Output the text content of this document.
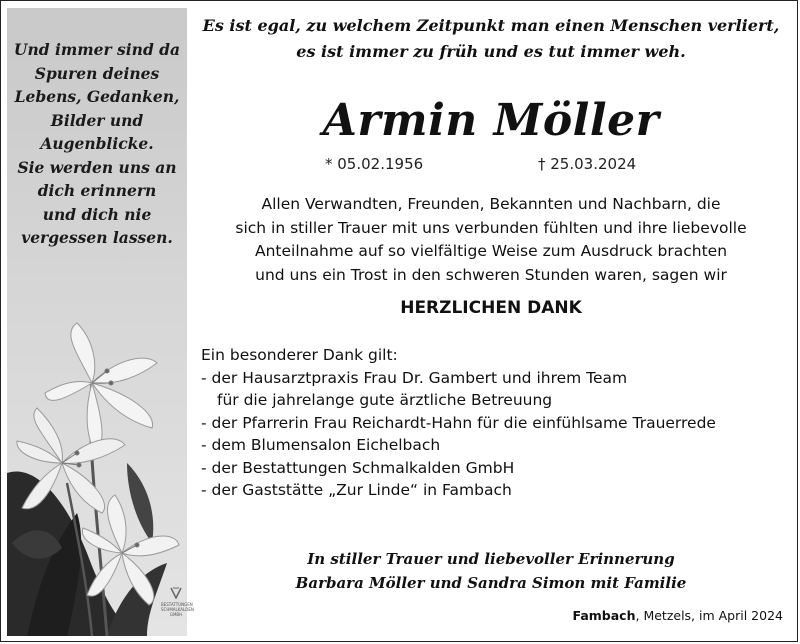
Und immer sind da
Spuren deines
Lebens, Gedanken,
Bilder und
Augenblicke.
Sie werden uns an
dich erinnern
und dich nie
vergessen lassen.
BESTATTUNGEN
SCHMALKALDEN
GMBH
Es ist egal, zu welchem Zeitpunkt man einen Menschen verliert,
es ist immer zu früh und es tut immer weh.
Armin Möller
* 05.02.1956	† 25.03.2024
Allen Verwandten, Freunden, Bekannten und Nachbarn, die
sich in stiller Trauer mit uns verbunden fühlten und ihre liebevolle
Anteilnahme auf so vielfältige Weise zum Ausdruck brachten
und uns ein Trost in den schweren Stunden waren, sagen wir
HERZLICHEN DANK
Ein besonderer Dank gilt:
- der Hausarztpraxis Frau Dr. Gambert und ihrem Team
für die jahrelange gute ärztliche Betreuung
- der Pfarrerin Frau Reichardt-Hahn für die einfühlsame Trauerrede
- dem Blumensalon Eichelbach
- der Bestattungen Schmalkalden GmbH
- der Gaststätte „Zur Linde“ in Fambach
In stiller Trauer und liebevoller Erinnerung
Barbara Möller und Sandra Simon mit Familie
Fambach, Metzels, im April 2024
